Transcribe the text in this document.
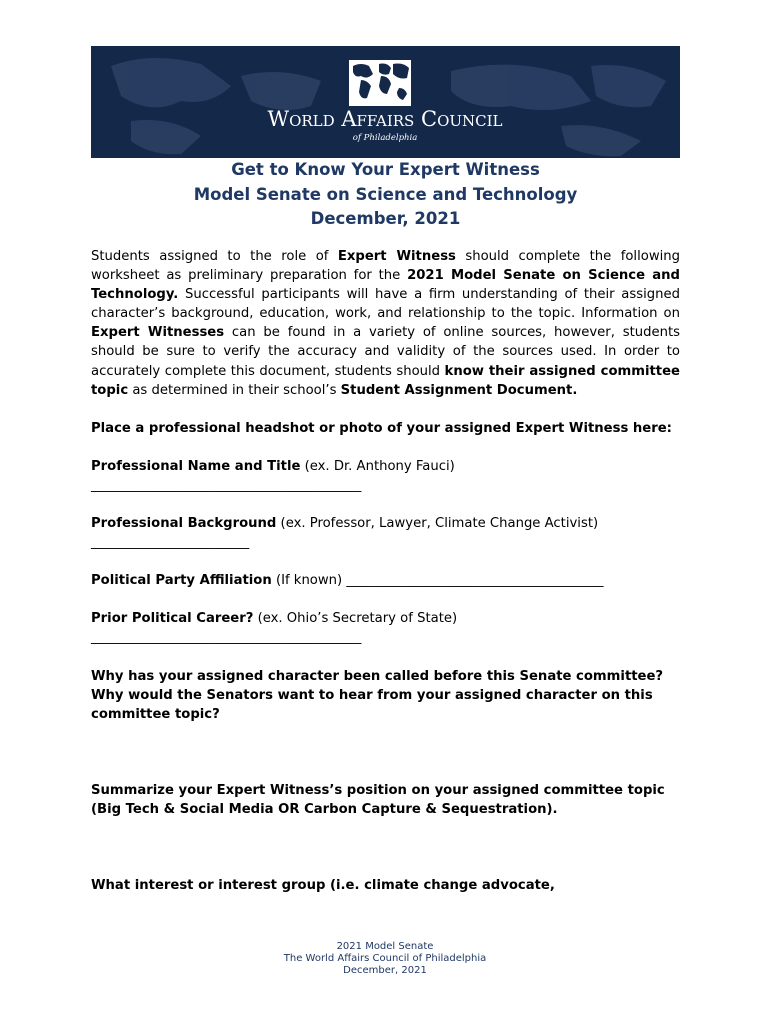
World Affairs Council
of Philadelphia
Get to Know Your Expert Witness
Model Senate on Science and Technology
December, 2021

Students assigned to the role of Expert Witness should complete the following worksheet as preliminary preparation for the 2021 Model Senate on Science and Technology. Successful participants will have a firm understanding of their assigned character’s background, education, work, and relationship to the topic. Information on Expert Witnesses can be found in a variety of online sources, however, students should be sure to verify the accuracy and validity of the sources used. In order to accurately complete this document, students should know their assigned committee topic as determined in their school’s Student Assignment Document.

Place a professional headshot or photo of your assigned Expert Witness here:

Professional Name and Title (ex. Dr. Anthony Fauci)
_________________________________________

Professional Background (ex. Professor, Lawyer, Climate Change Activist)
________________________

Political Party Affiliation (If known) _______________________________________

Prior Political Career? (ex. Ohio’s Secretary of State)
_________________________________________

Why has your assigned character been called before this Senate committee? Why would the Senators want to hear from your assigned character on this committee topic?

Summarize your Expert Witness’s position on your assigned committee topic (Big Tech & Social Media OR Carbon Capture & Sequestration).

What interest or interest group (i.e. climate change advocate,

2021 Model Senate
The World Affairs Council of Philadelphia
December, 2021
